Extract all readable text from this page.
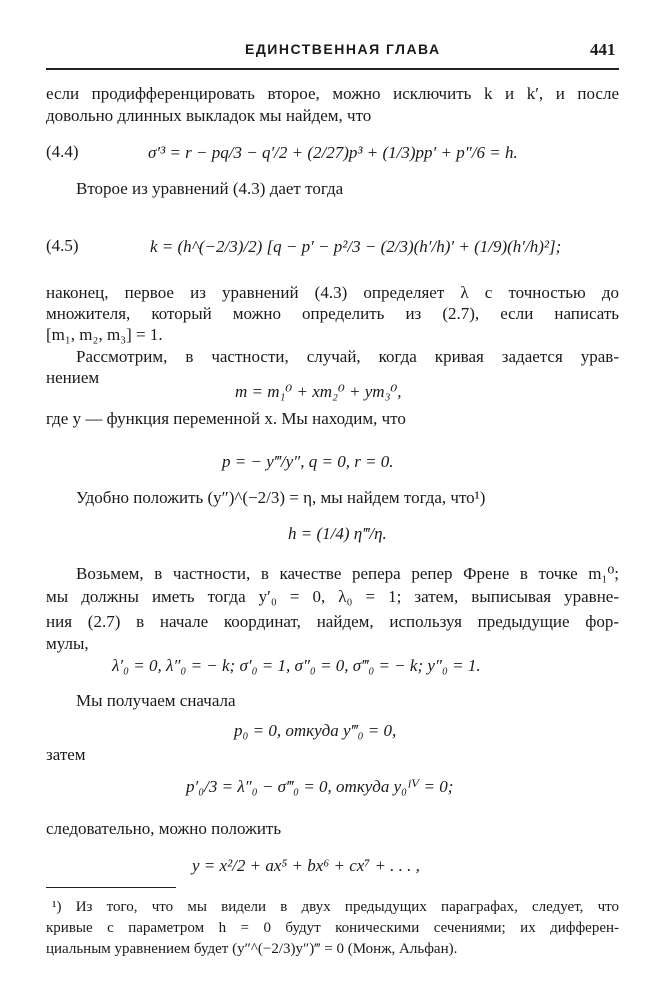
ЕДИНСТВЕННАЯ ГЛАВА	441
если продифференцировать второе, можно исключить k и k′, и после
довольно длинных выкладок мы найдем, что
(4.4)	σ′³ = r − pq/3 − q′/2 + (2/27)p³ + (1/3)pp′ + p″/6 = h.
Второе из уравнений (4.3) дает тогда
(4.5)	k = (h^(−2/3)/2) [q − p′ − p²/3 − (2/3)(h′/h)′ + (1/9)(h′/h)²];
наконец, первое из уравнений (4.3) определяет λ с точностью до
множителя, который можно определить из (2.7), если написать
[m₁, m₂, m₃] = 1.
Рассмотрим, в частности, случай, когда кривая задается урав-
нением
m = m₁⁰ + xm₂⁰ + ym₃⁰,
где y — функция переменной x. Мы находим, что
p = − y‴/y″, q = 0, r = 0.
Удобно положить (y″)^(−2/3) = η, мы найдем тогда, что¹)
h = (1/4) η‴/η.
Возьмем, в частности, в качестве репера репер Френе в точке m₁⁰;
мы должны иметь тогда y′₀ = 0, λ₀ = 1; затем, выписывая уравне-
ния (2.7) в начале координат, найдем, используя предыдущие фор-
мулы,
λ′₀ = 0, λ″₀ = − k; σ′₀ = 1, σ″₀ = 0, σ‴₀ = − k; y″₀ = 1.
Мы получаем сначала
p₀ = 0, откуда y‴₀ = 0,
затем
p′₀/3 = λ″₀ − σ‴₀ = 0, откуда y₀ᴵⱽ = 0;
следовательно, можно положить
y = x²/2 + ax⁵ + bx⁶ + cx⁷ + . . . ,
¹) Из того, что мы видели в двух предыдущих параграфах, следует, что
кривые с параметром h = 0 будут коническими сечениями; их дифферен-
циальным уравнением будет (y″^(−2/3)y″)‴ = 0 (Монж, Альфан).
